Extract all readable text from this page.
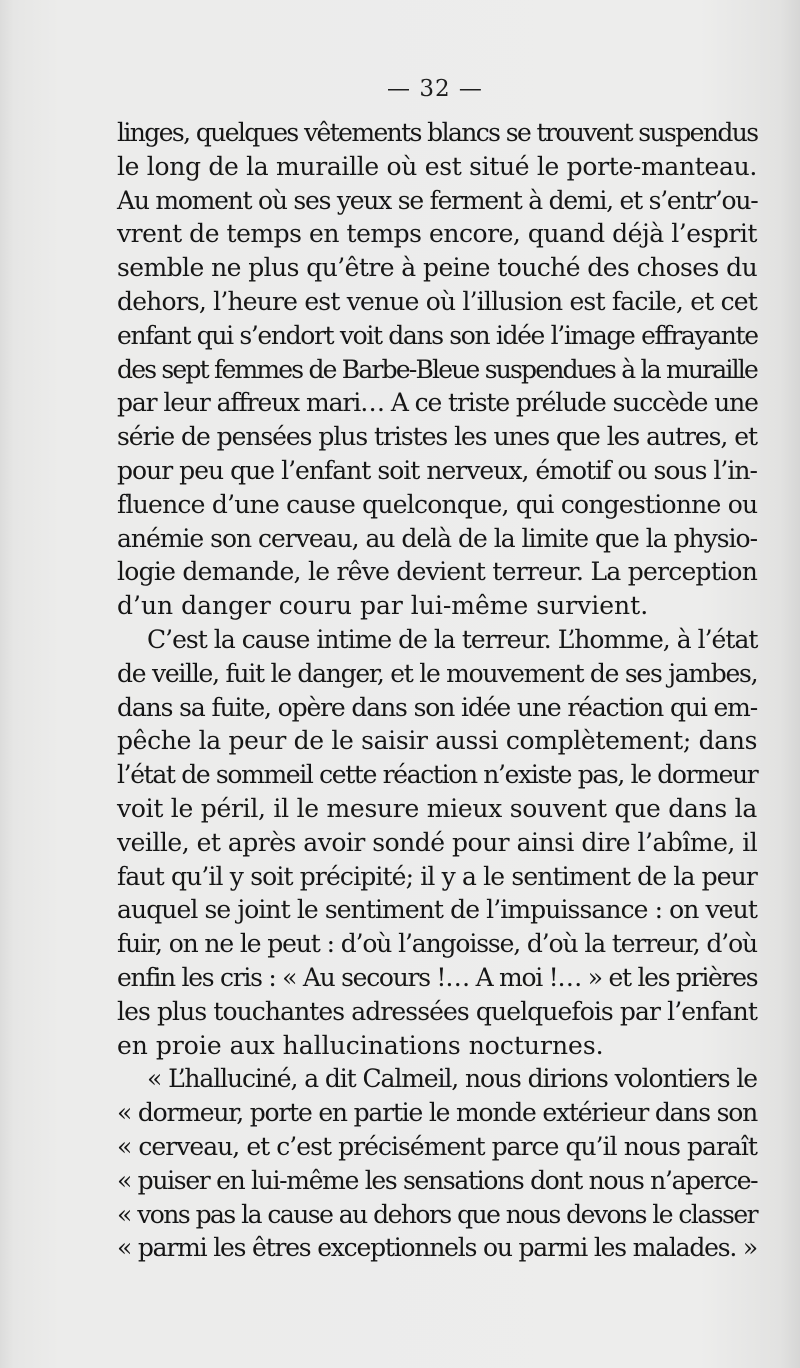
— 32 —
linges, quelques vêtements blancs se trouvent suspendus
le long de la muraille où est situé le porte-manteau.
Au moment où ses yeux se ferment à demi, et s’entr’ou-
vrent de temps en temps encore, quand déjà l’esprit
semble ne plus qu’être à peine touché des choses du
dehors, l’heure est venue où l’illusion est facile, et cet
enfant qui s’endort voit dans son idée l’image effrayante
des sept femmes de Barbe-Bleue suspendues à la muraille
par leur affreux mari… A ce triste prélude succède une
série de pensées plus tristes les unes que les autres, et
pour peu que l’enfant soit nerveux, émotif ou sous l’in-
fluence d’une cause quelconque, qui congestionne ou
anémie son cerveau, au delà de la limite que la physio-
logie demande, le rêve devient terreur. La perception
d’un danger couru par lui-même survient.
C’est la cause intime de la terreur. L’homme, à l’état
de veille, fuit le danger, et le mouvement de ses jambes,
dans sa fuite, opère dans son idée une réaction qui em-
pêche la peur de le saisir aussi complètement; dans
l’état de sommeil cette réaction n’existe pas, le dormeur
voit le péril, il le mesure mieux souvent que dans la
veille, et après avoir sondé pour ainsi dire l’abîme, il
faut qu’il y soit précipité; il y a le sentiment de la peur
auquel se joint le sentiment de l’impuissance : on veut
fuir, on ne le peut : d’où l’angoisse, d’où la terreur, d’où
enfin les cris : « Au secours !… A moi !… » et les prières
les plus touchantes adressées quelquefois par l’enfant
en proie aux hallucinations nocturnes.
« L’halluciné, a dit Calmeil, nous dirions volontiers le
« dormeur, porte en partie le monde extérieur dans son
« cerveau, et c’est précisément parce qu’il nous paraît
« puiser en lui-même les sensations dont nous n’aperce-
« vons pas la cause au dehors que nous devons le classer
« parmi les êtres exceptionnels ou parmi les malades. »
